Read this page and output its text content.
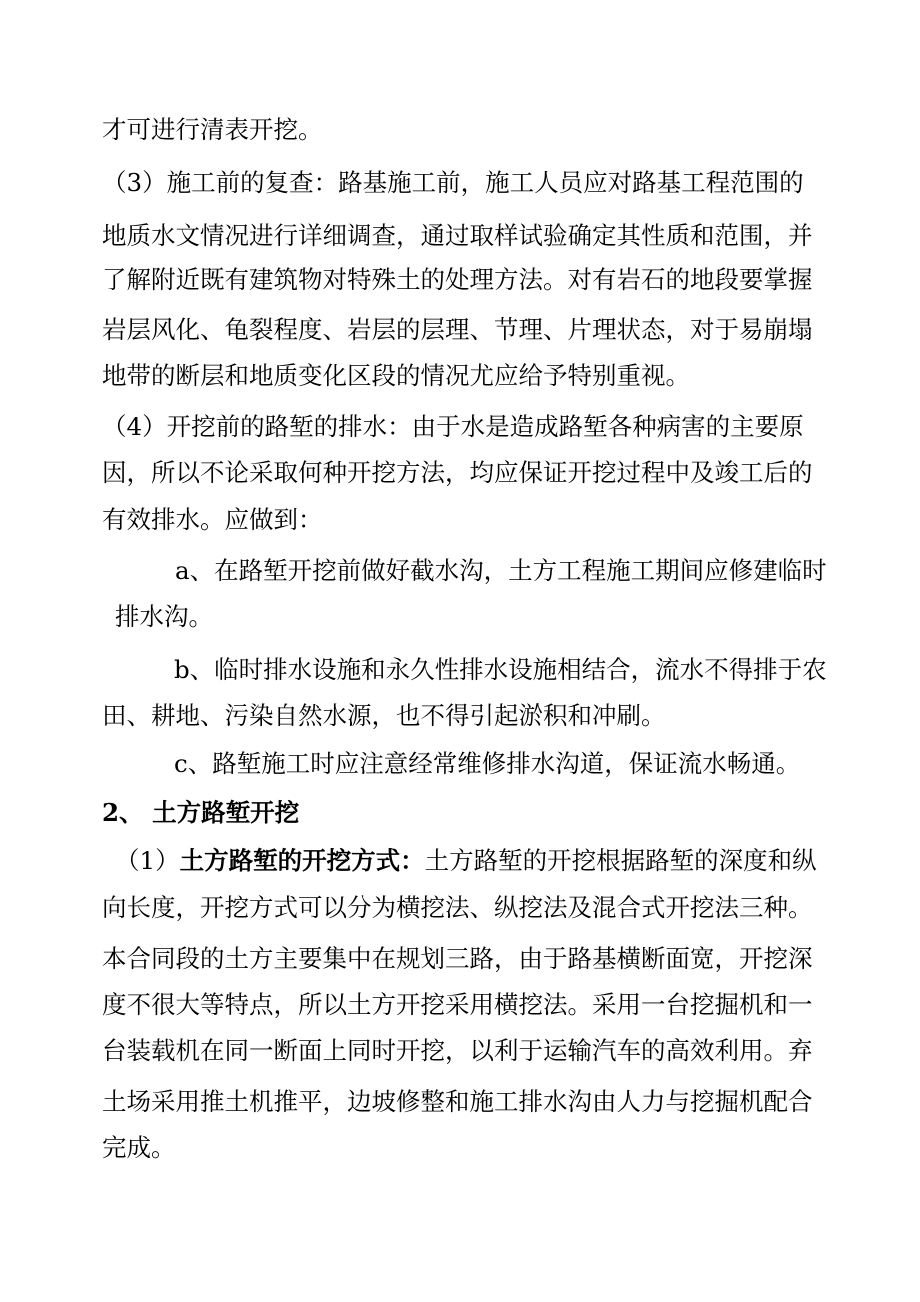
才可进行清表开挖。
（3）施工前的复查：路基施工前，施工人员应对路基工程范围的
地质水文情况进行详细调查，通过取样试验确定其性质和范围，并
了解附近既有建筑物对特殊土的处理方法。对有岩石的地段要掌握
岩层风化、龟裂程度、岩层的层理、节理、片理状态，对于易崩塌
地带的断层和地质变化区段的情况尤应给予特别重视。
（4）开挖前的路堑的排水：由于水是造成路堑各种病害的主要原
因，所以不论采取何种开挖方法，均应保证开挖过程中及竣工后的
有效排水。应做到：
a、在路堑开挖前做好截水沟，土方工程施工期间应修建临时
排水沟。
b、临时排水设施和永久性排水设施相结合，流水不得排于农
田、耕地、污染自然水源，也不得引起淤积和冲刷。
c、路堑施工时应注意经常维修排水沟道，保证流水畅通。
2、 土方路堑开挖
（1）土方路堑的开挖方式：土方路堑的开挖根据路堑的深度和纵
向长度，开挖方式可以分为横挖法、纵挖法及混合式开挖法三种。
本合同段的土方主要集中在规划三路，由于路基横断面宽，开挖深
度不很大等特点，所以土方开挖采用横挖法。采用一台挖掘机和一
台装载机在同一断面上同时开挖，以利于运输汽车的高效利用。弃
土场采用推土机推平，边坡修整和施工排水沟由人力与挖掘机配合
完成。
